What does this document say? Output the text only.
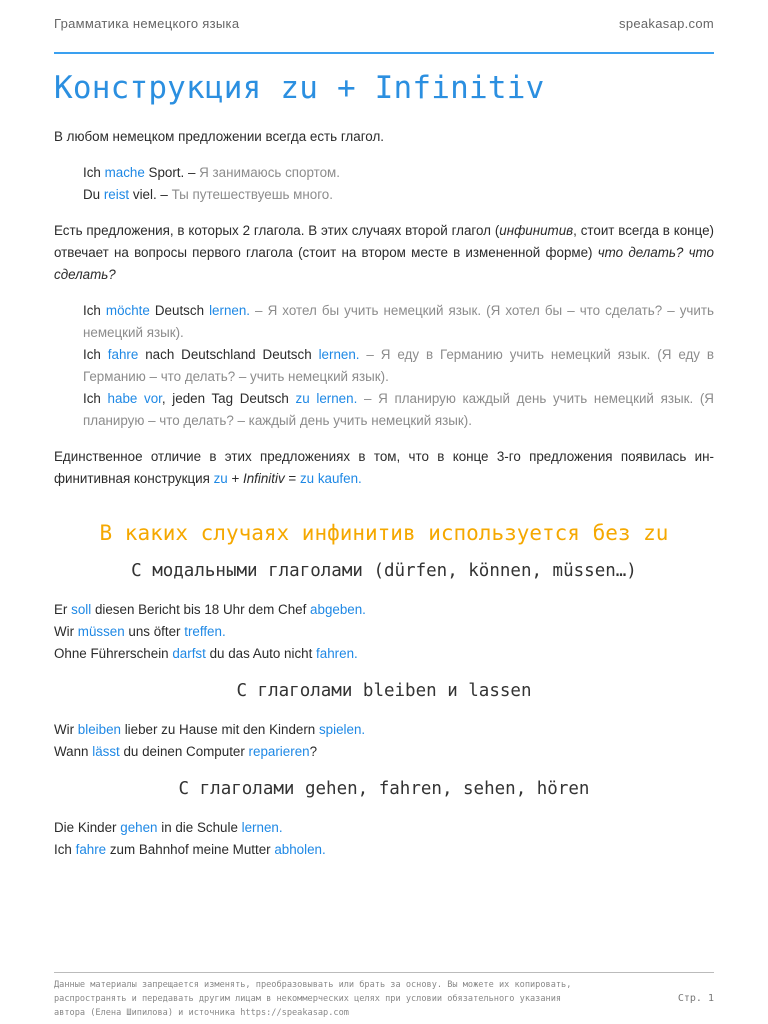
Грамматика немецкого языка	speakasap.com
Конструкция zu + Infinitiv

В любом немецком предложении всегда есть глагол.

Ich mache Sport. – Я занимаюсь спортом.

Du reist viel. – Ты путешествуешь много.

Есть предложения, в которых 2 глагола. В этих случаях второй глагол (инфинитив, стоит всегда в конце) отвечает на вопросы первого глагола (стоит на втором месте в измененной форме) что делать? что сделать?

Ich möchte Deutsch lernen. – Я хотел бы учить немецкий язык. (Я хотел бы – что сделать? – учить немецкий язык).

Ich fahre nach Deutschland Deutsch lernen. – Я еду в Германию учить немецкий язык. (Я еду в Германию – что делать? – учить немецкий язык).

Ich habe vor, jeden Tag Deutsch zu lernen. – Я планирую каждый день учить немецкий язык. (Я планирую – что делать? – каждый день учить немецкий язык).

Единственное отличие в этих предложениях в том, что в конце 3-го предложения появилась инфинитивная конструкция zu + Infinitiv = zu kaufen.

В каких случаях инфинитив используется без zu
С модальными глаголами (dürfen, können, müssen…)

Er soll diesen Bericht bis 18 Uhr dem Chef abgeben.

Wir müssen uns öfter treffen.

Ohne Führerschein darfst du das Auto nicht fahren.

С глаголами bleiben и lassen

Wir bleiben lieber zu Hause mit den Kindern spielen.

Wann lässt du deinen Computer reparieren?

С глаголами gehen, fahren, sehen, hören

Die Kinder gehen in die Schule lernen.

Ich fahre zum Bahnhof meine Mutter abholen.

Данные материалы запрещается изменять, преобразовывать или брать за основу. Вы можете их копировать, распространять и передавать другим лицам в некоммерческих целях при условии обязательного указания автора (Елена Шипилова) и источника https://speakasap.com
Стр. 1
